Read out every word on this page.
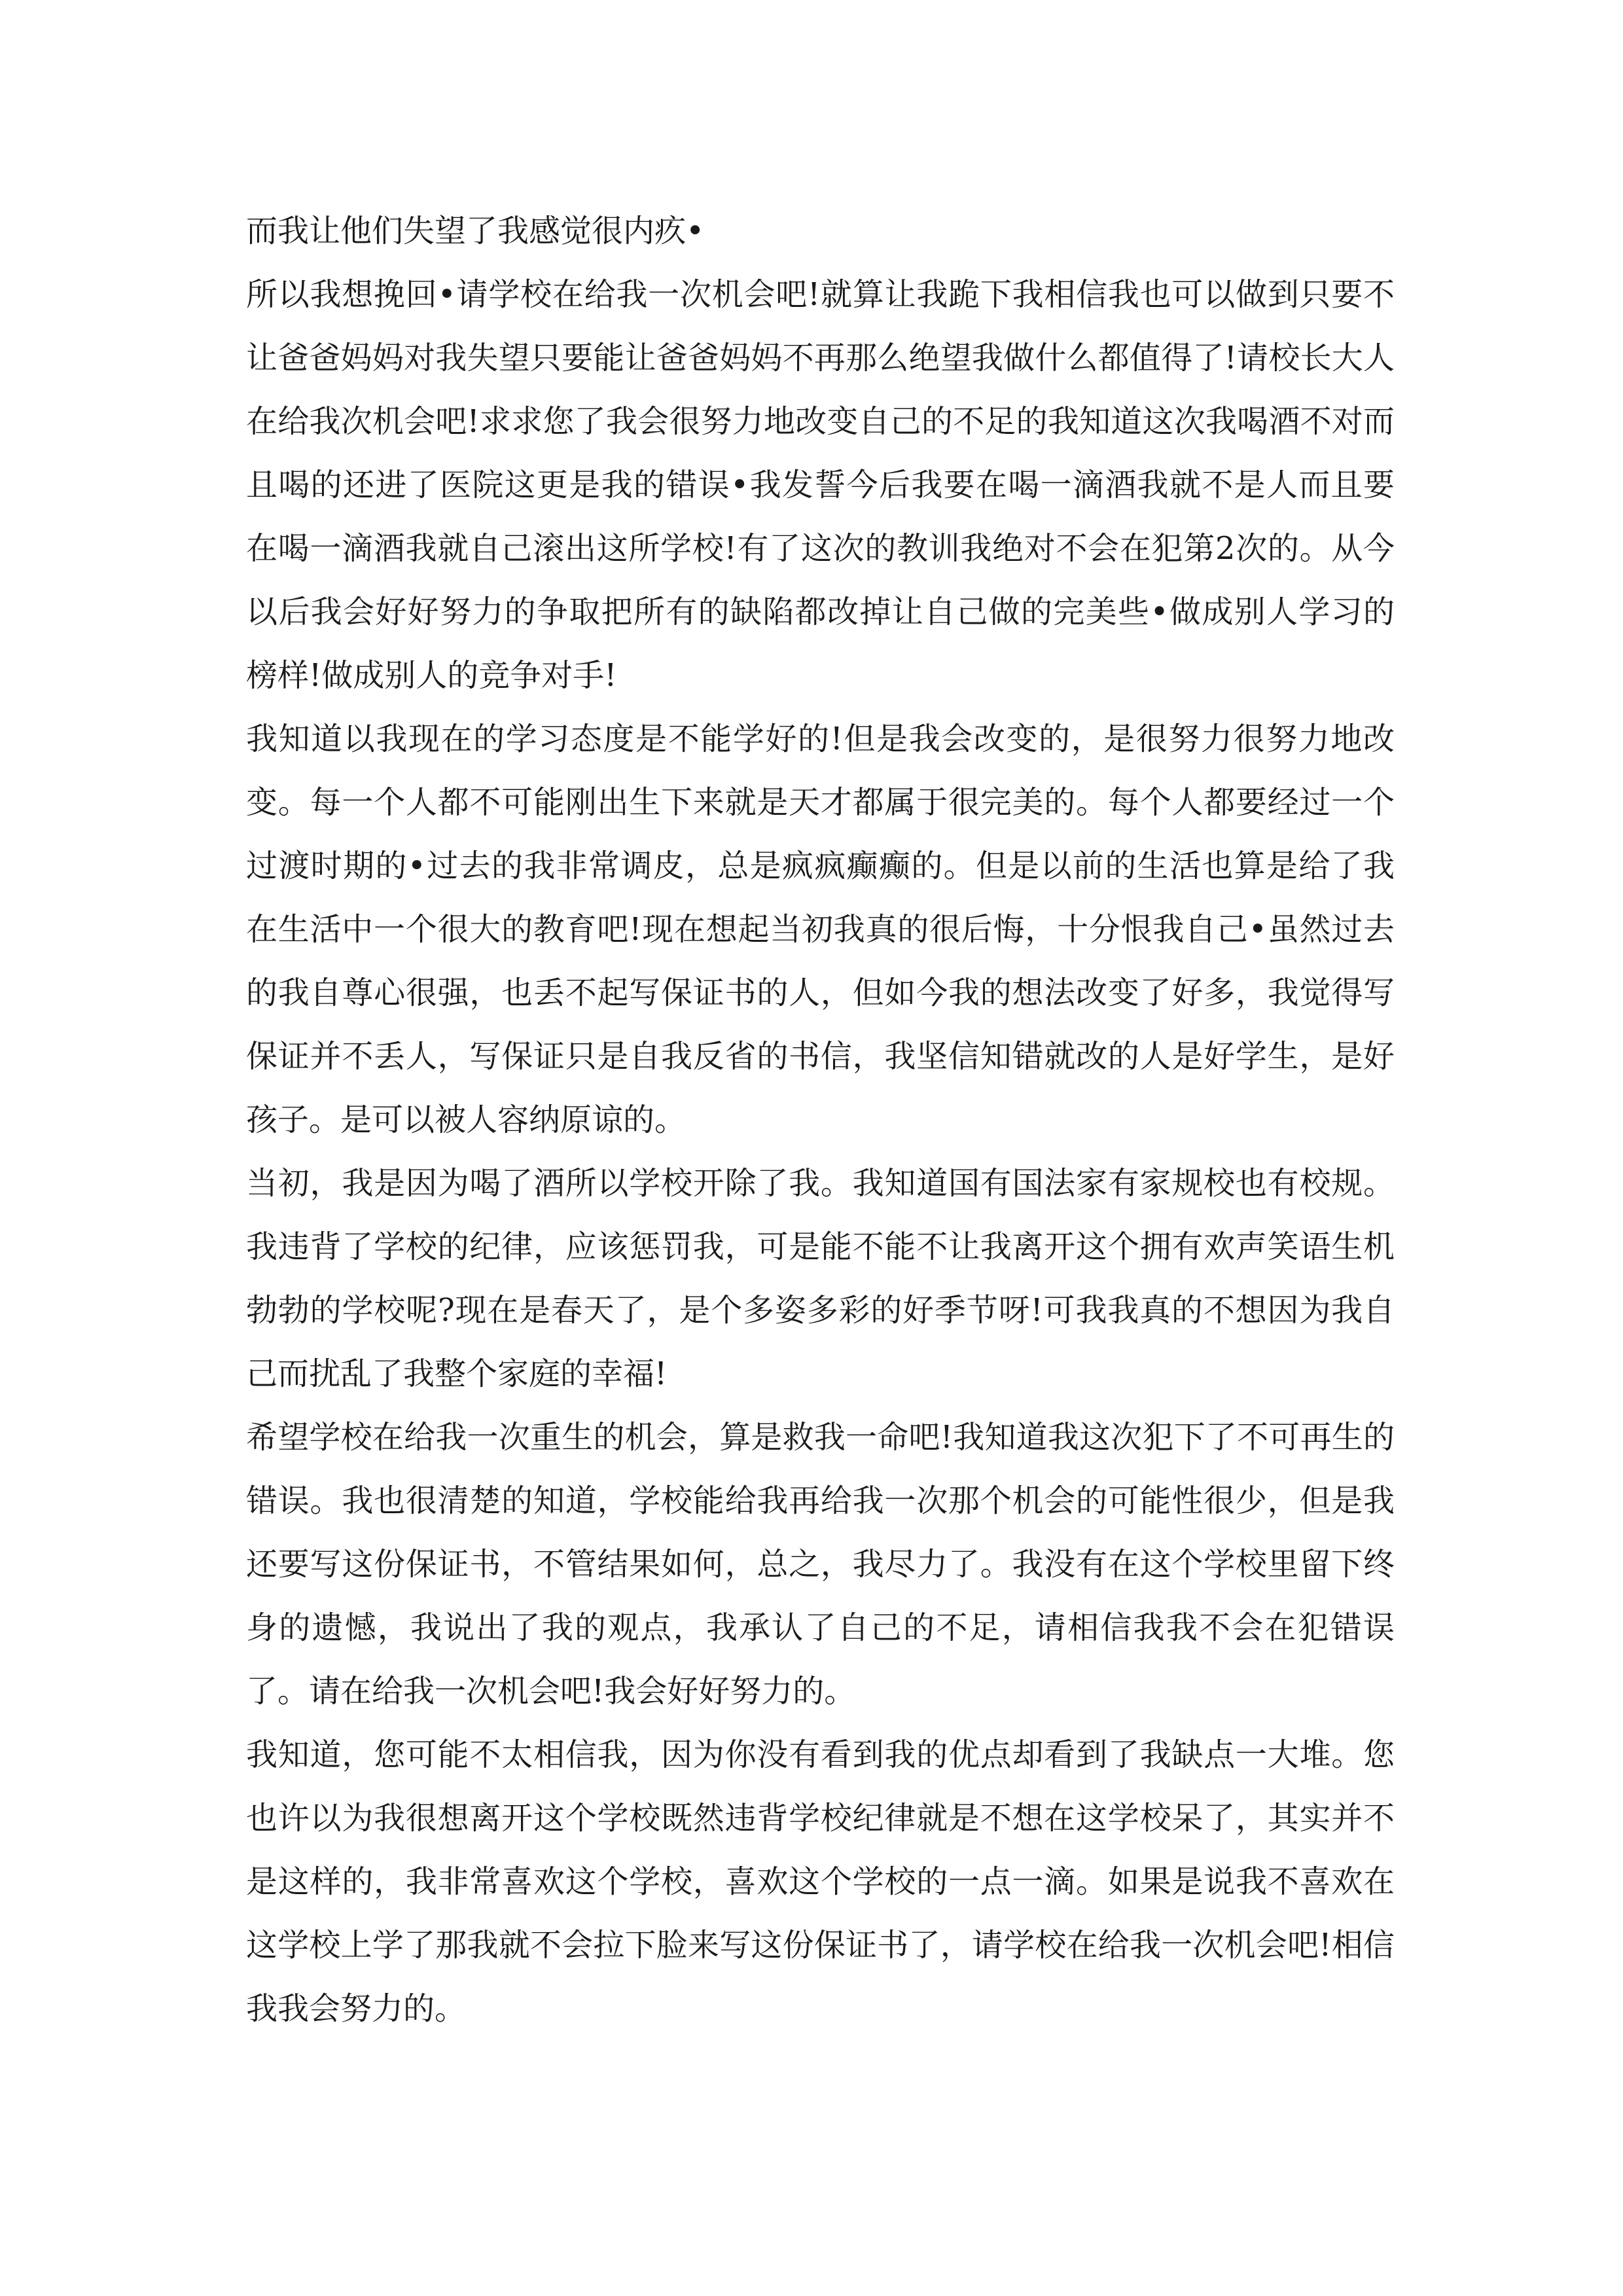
而我让他们失望了我感觉很内疚•

所以我想挽回•请学校在给我一次机会吧!就算让我跪下我相信我也可以做到只要不让爸爸妈妈对我失望只要能让爸爸妈妈不再那么绝望我做什么都值得了!请校长大人在给我次机会吧!求求您了我会很努力地改变自己的不足的我知道这次我喝酒不对而且喝的还进了医院这更是我的错误•我发誓今后我要在喝一滴酒我就不是人而且要在喝一滴酒我就自己滚出这所学校!有了这次的教训我绝对不会在犯第2次的。从今以后我会好好努力的争取把所有的缺陷都改掉让自己做的完美些•做成别人学习的榜样!做成别人的竞争对手!

我知道以我现在的学习态度是不能学好的!但是我会改变的，是很努力很努力地改变。每一个人都不可能刚出生下来就是天才都属于很完美的。每个人都要经过一个过渡时期的•过去的我非常调皮，总是疯疯癫癫的。但是以前的生活也算是给了我在生活中一个很大的教育吧!现在想起当初我真的很后悔，十分恨我自己•虽然过去的我自尊心很强，也丢不起写保证书的人，但如今我的想法改变了好多，我觉得写保证并不丢人，写保证只是自我反省的书信，我坚信知错就改的人是好学生，是好孩子。是可以被人容纳原谅的。

当初，我是因为喝了酒所以学校开除了我。我知道国有国法家有家规校也有校规。我违背了学校的纪律，应该惩罚我，可是能不能不让我离开这个拥有欢声笑语生机勃勃的学校呢?现在是春天了，是个多姿多彩的好季节呀!可我我真的不想因为我自己而扰乱了我整个家庭的幸福!

希望学校在给我一次重生的机会，算是救我一命吧!我知道我这次犯下了不可再生的错误。我也很清楚的知道，学校能给我再给我一次那个机会的可能性很少，但是我还要写这份保证书，不管结果如何，总之，我尽力了。我没有在这个学校里留下终身的遗憾，我说出了我的观点，我承认了自己的不足，请相信我我不会在犯错误了。请在给我一次机会吧!我会好好努力的。

我知道，您可能不太相信我，因为你没有看到我的优点却看到了我缺点一大堆。您也许以为我很想离开这个学校既然违背学校纪律就是不想在这学校呆了，其实并不是这样的，我非常喜欢这个学校，喜欢这个学校的一点一滴。如果是说我不喜欢在这学校上学了那我就不会拉下脸来写这份保证书了，请学校在给我一次机会吧!相信我我会努力的。
